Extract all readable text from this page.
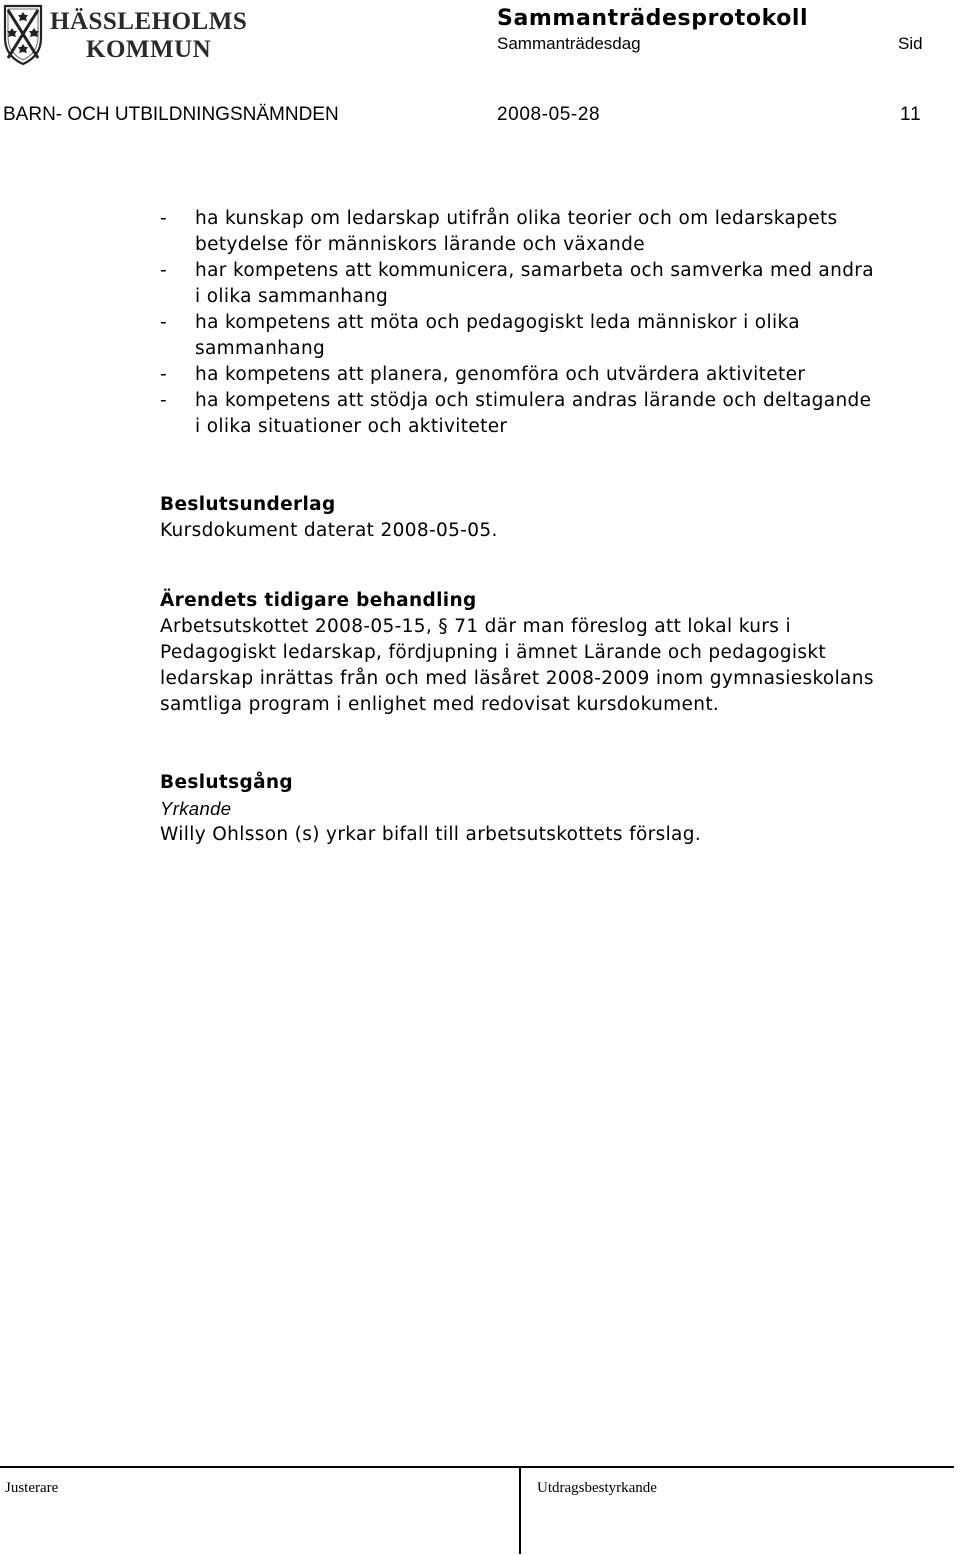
HÄSSLEHOLMS
KOMMUN
Sammanträdesprotokoll
Sammanträdesdag	Sid
BARN- OCH UTBILDNINGSNÄMNDEN	2008-05-28	11
- ha kunskap om ledarskap utifrån olika teorier och om ledarskapets
betydelse för människors lärande och växande
- har kompetens att kommunicera, samarbeta och samverka med andra
i olika sammanhang
- ha kompetens att möta och pedagogiskt leda människor i olika
sammanhang
- ha kompetens att planera, genomföra och utvärdera aktiviteter
- ha kompetens att stödja och stimulera andras lärande och deltagande
i olika situationer och aktiviteter

Beslutsunderlag

Kursdokument daterat 2008-05-05.

Ärendets tidigare behandling

Arbetsutskottet 2008-05-15, § 71 där man föreslog att lokal kurs i

Pedagogiskt ledarskap, fördjupning i ämnet Lärande och pedagogiskt

ledarskap inrättas från och med läsåret 2008-2009 inom gymnasieskolans

samtliga program i enlighet med redovisat kursdokument.

Beslutsgång

Yrkande

Willy Ohlsson (s) yrkar bifall till arbetsutskottets förslag.

Justerare	Utdragsbestyrkande
